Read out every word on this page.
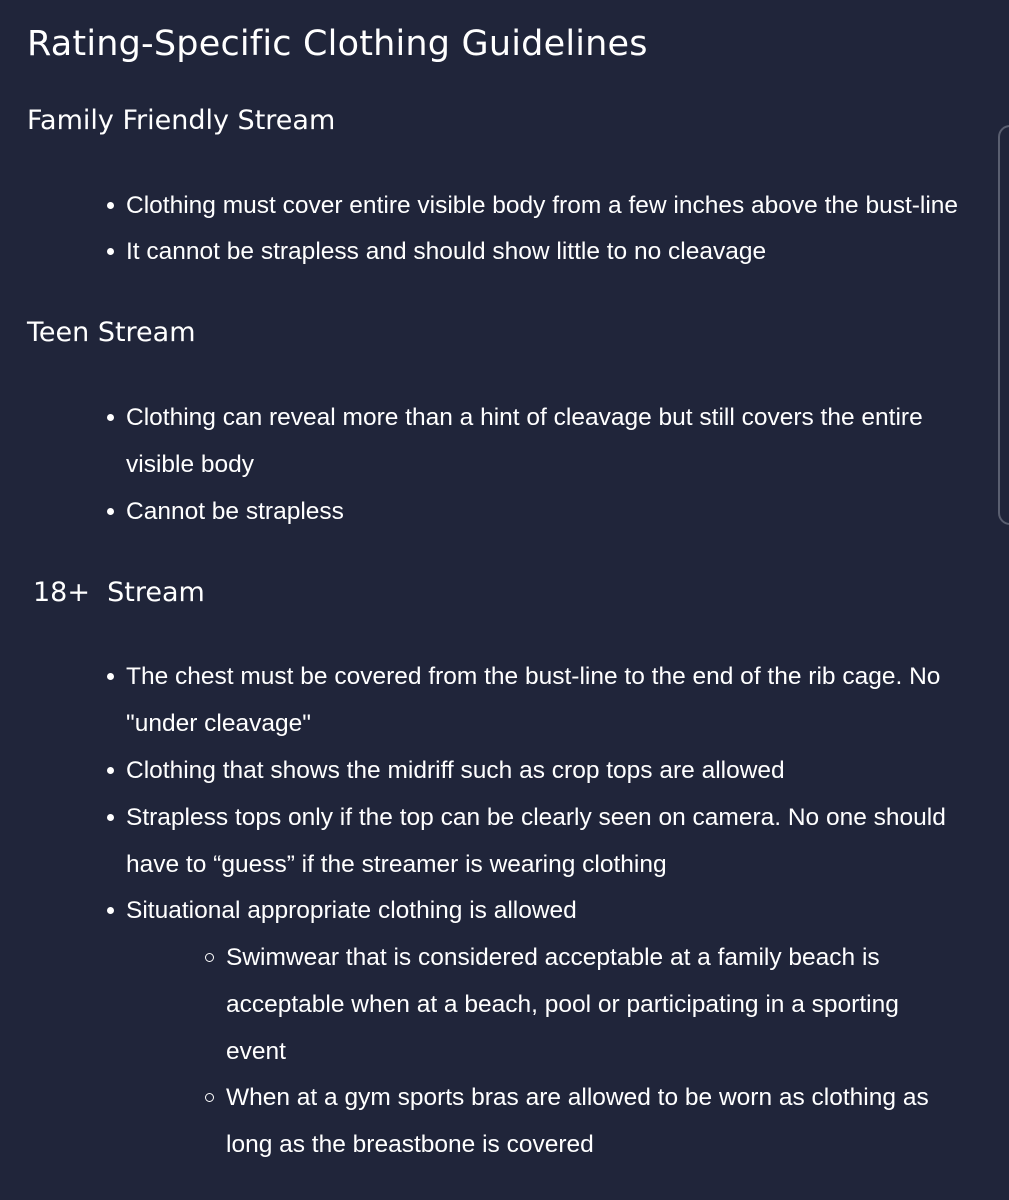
Rating-Specific Clothing Guidelines
Family Friendly Stream
Clothing must cover entire visible body from a few inches above the bust-line
It cannot be strapless and should show little to no cleavage
Teen Stream
Clothing can reveal more than a hint of cleavage but still covers the entire
visible body
Cannot be strapless
18+  Stream
The chest must be covered from the bust-line to the end of the rib cage. No
"under cleavage"
Clothing that shows the midriff such as crop tops are allowed
Strapless tops only if the top can be clearly seen on camera. No one should
have to “guess” if the streamer is wearing clothing
Situational appropriate clothing is allowed
Swimwear that is considered acceptable at a family beach is
acceptable when at a beach, pool or participating in a sporting
event
When at a gym sports bras are allowed to be worn as clothing as
long as the breastbone is covered
